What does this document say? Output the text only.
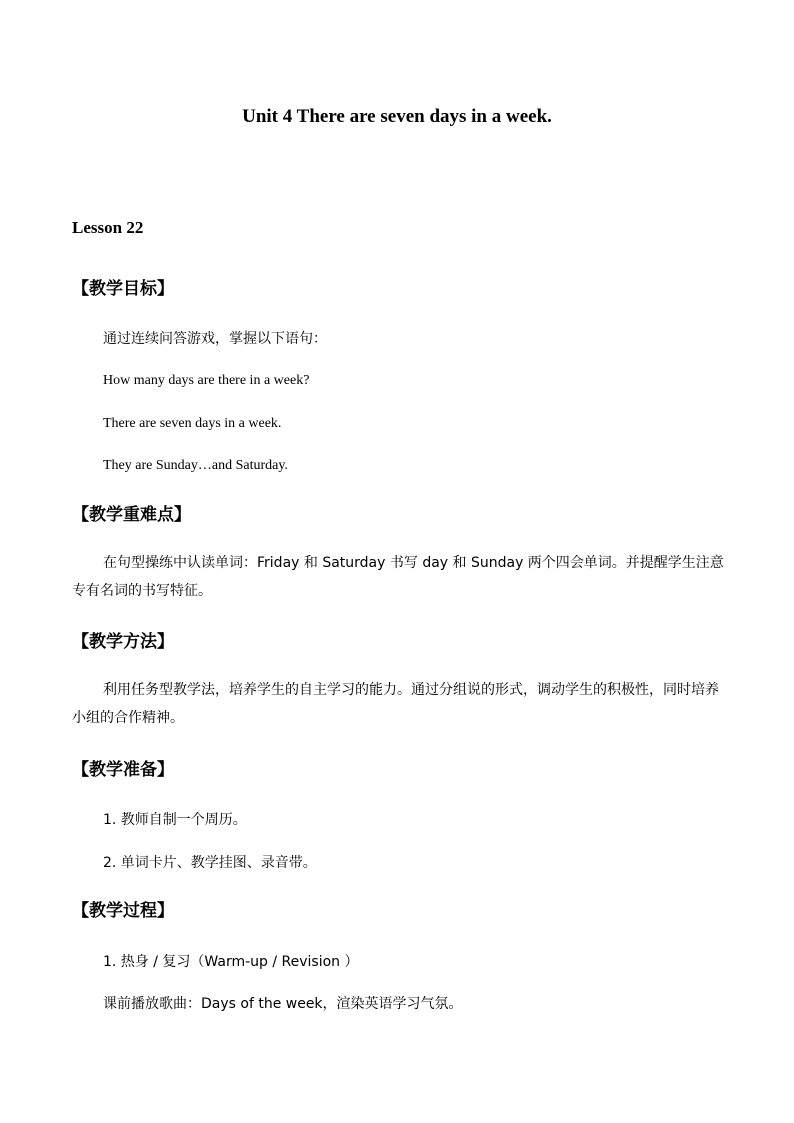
Unit 4 There are seven days in a week.
Lesson 22
【教学目标】
通过连续问答游戏，掌握以下语句：
How many days are there in a week?
There are seven days in a week.
They are Sunday…and Saturday.
【教学重难点】
在句型操练中认读单词：Friday 和 Saturday 书写 day 和 Sunday 两个四会单词。并提醒学生注意专有名词的书写特征。
【教学方法】
利用任务型教学法，培养学生的自主学习的能力。通过分组说的形式，调动学生的积极性，同时培养小组的合作精神。
【教学准备】
1. 教师自制一个周历。
2. 单词卡片、教学挂图、录音带。
【教学过程】
1. 热身 / 复习（Warm-up / Revision ）
课前播放歌曲：Days of the week，渲染英语学习气氛。
